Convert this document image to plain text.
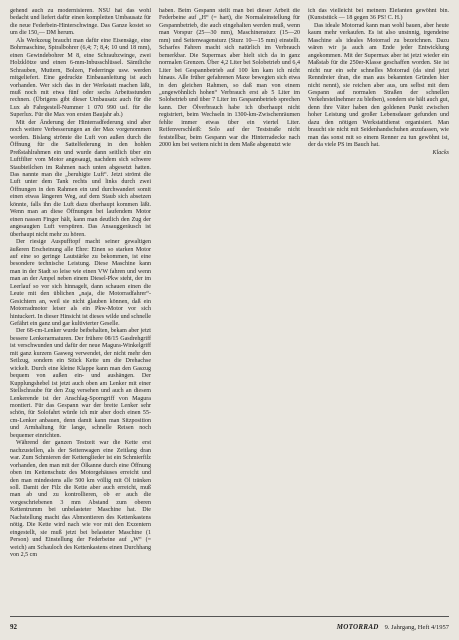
gehend auch zu modernisieren. NSU hat das wohl bedacht und liefert dafür einen kompletten Umbausatz für die neue Federbein-Hinterschwinge. Das Ganze kostet so um die 150,— DM herum.

Als Werkzeug braucht man dafür eine Eisensäge, eine Bohrmaschine, Spiralbohrer (6,4; 7; 8,4; 10 und 18 mm), einen Gewindebohrer M 8, eine Schraubzwinge, zwei Holzklötze und einen 6-mm-Inbusschlüssel. Sämtliche Schrauben, Muttern, Bolzen, Federringe usw. werden mitgeliefert. Eine gedruckte Einbauanleitung ist auch vorhanden. Wer sich das in der Werkstatt machen läßt, muß noch mit etwa fünf oder sechs Arbeitsstunden rechnen. (Übrigens gibt dieser Umbausatz auch für die Lux ab Fahrgestell-Nummer 1 070 990 usf. für die Superlux. Für die Max von ersten Baujahr ab.)

Mit der Änderung der Hinterradfederung sind aber noch weitere Verbesserungen an der Max vorgenommen worden. Bislang strömte die Luft von außen durch die Öffnung für die Sattelfederung in den hohlen Preßstahlrahmen ein und wurde dann seitlich über ein Luftfilter vom Motor angesaugt, nachdem sich schwere Staubteilchen im Rahmen nach unten abgesetzt hatten. Das nannte man die „beruhigte Luft“. Jetzt strömt die Luft unter dem Tank rechts und links durch zwei Öffnungen in den Rahmen ein und durchwandert somit einen etwas längeren Weg, auf dem Staub sich absetzen könnte, falls ihn die Luft dazu überhaupt kommen läßt. Wenn man an diese Öffnungen bei laufendem Motor einen nassen Finger hält, kann man deutlich den Zug der angesaugten Luft verspüren. Das Ansauggeräusch ist überhaupt nicht mehr zu hören.

Der riesige Auspufftopf macht seiner gewaltigen äußeren Erscheinung alle Ehre: Einen so starken Motor auf eine so geringe Lautstärke zu bekommen, ist eine besondere technische Leistung. Diese Maschine kann man in der Stadt so leise wie einen VW fahren und wenn man an der Ampel neben einem Diesel-Pkw steht, der im Leerlauf so vor sich hinnagelt, dann schauen einen die Leute mit den üblichen „naja, die Motorradfahrer“-Gesichtern an, weil sie nicht glauben können, daß ein Motorradmotor leiser als ein Pkw-Motor vor sich hintuckert. In dieser Hinsicht ist dieses wilde und schnelle Gefährt ein ganz und gar kultivierter Geselle.

Der 68-cm-Lenker wurde beibehalten, bekam aber jetzt bessere Lenkerarmaturen. Der frühere 08/15 Gasdrehgriff ist verschwunden und dafür der neue Magura-Winkelgriff mit ganz kurzem Gasweg verwendet, der nicht mehr den Seilzug, sondern ein Stück Kette um die Drehachse wickelt. Durch eine kleine Klappe kann man den Gaszug bequem von außen ein- und aushängen. Der Kupplungshebel ist jetzt auch oben am Lenker mit einer Stellschraube für den Zug versehen und auch an diesem Lenkerende ist der Anschlag-Sporngriff von Magura montiert. Für das Gespann war der breite Lenker sehr schön, für Solofahrt würde ich mir aber doch einen 55-cm-Lenker anbauen, denn damit kann man Sitzposition und Armhaltung für lange, schnelle Reisen noch bequemer einrichten.

Während der ganzen Testzeit war die Kette erst nachzustellen, als der Seitenwagen eine Zeitlang dran war. Zum Schmieren der Kettenglieder ist ein Schmierfilz vorhanden, den man mit der Ölkanne durch eine Öffnung oben im Kettenschutz des Motorgehäuses erreicht und den man mindestens alle 500 km völlig mit Öl tränken soll. Damit der Filz die Kette aber auch erreicht, muß man ab und zu kontrollieren, ob er auch die vorgeschriebenen 3 mm Abstand zum oberen Kettentrumm bei unbelasteter Maschine hat. Die Nachstellung macht das Abmontieren des Kettenkastens nötig. Die Kette wird nach wie vor mit den Exzentern eingestellt, sie muß jetzt bei belasteter Maschine (1 Person) und Einstellung der Federbeine auf „W“ (= weich) am Schauloch des Kettenkastens einen Durchhang von 2,5 cm

haben. Beim Gespann stellt man bei dieser Arbeit die Federbeine auf „H“ (= hart), die Normaleinstellung für Gespannbetrieb, die auch eingehalten werden muß, wenn man Vorspur (25—30 mm), Maschinensturz (15—20 mm) und Seitenwagensturz (Sturz 10—15 mm) einstellt. Scharfes Fahren macht sich natürlich im Verbrauch bemerkbar. Die Supermax aber hielt sich da in ganz normalen Grenzen. Über 4,2 Liter bei Solobetrieb und 6,4 Liter bei Gespannbetrieb auf 100 km kam ich nicht hinaus. Alle früher gefahrenen Maxe bewegten sich etwa in den gleichen Rahmen, so daß man von einem „ungewöhnlich hohen“ Verbrauch erst ab 5 Liter im Solobetrieb und über 7 Liter im Gespannbetrieb sprechen kann. Der Ölverbrauch habe ich überhaupt nicht registriert, beim Wechseln in 1300-km-Zwischenräumen fehlte immer etwas über ein viertel Liter. Reifenverschleiß: Solo auf der Teststraße nicht feststellbar, beim Gespann war die Hinterradecke nach 2000 km bei weitem nicht in dem Maße abgenutzt wie

ich das vielleicht bei meinem Elefanten gewöhnt bin. (Kunststück — 18 gegen 36 PS! C. H.)

Das ideale Motorrad kann man wohl bauen, aber heute kaum mehr verkaufen. Es ist also unsinnig, irgendeine Maschine als ideales Motorrad zu bezeichnen. Dazu wären wir ja auch am Ende jeder Entwicklung angekommen. Mit der Supermax aber ist jetzt wieder ein Maßstab für die 250er-Klasse geschaffen worden. Sie ist nicht nur ein sehr schnelles Motorrad (da sind jetzt Renndreier dran, die man aus bekannten Gründen hier nicht nennt), sie reichen aber aus, um selbst mit dem Gespann auf normalen Straßen der schnellen Verkehrsteilnehmer zu bleiben), sondern sie hält auch gut, denn ihre Väter haben den goldenen Punkt zwischen hoher Leistung und großer Lebensdauer gefunden und dazu den nötigen Werkstattdienst organisiert. Man braucht sie nicht mit Seidenhandschuhen anzufassen, wie man das sonst mit so einem Renner zu tun gewöhnt ist, der da viele PS im Bauch hat.

Klacks

92	MOTORRAD 9. Jahrgang, Heft 4/1957
